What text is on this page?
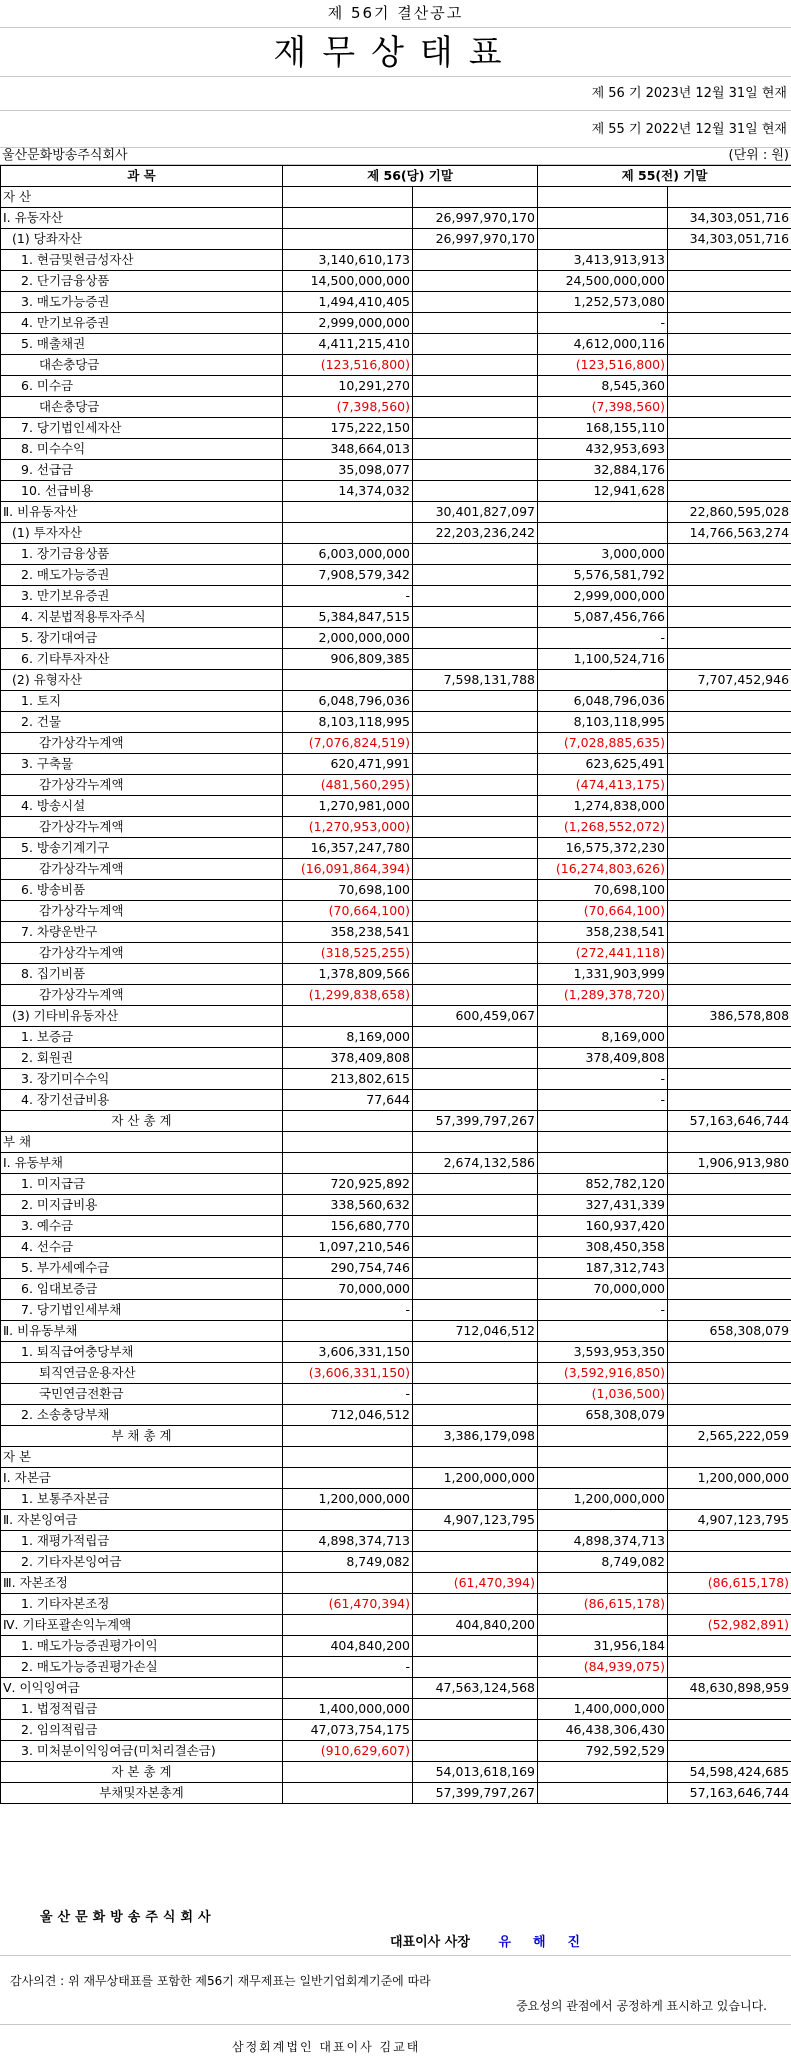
제 56기 결산공고
재무상태표
제 56 기 2023년 12월 31일 현재
제 55 기 2022년 12월 31일 현재
울산문화방송주식회사	(단위 : 원)
과 목	제 56(당) 기말		제 55(전) 기말	
자 산				
Ⅰ. 유동자산		26,997,970,170		34,303,051,716
(1) 당좌자산		26,997,970,170		34,303,051,716
1. 현금및현금성자산	3,140,610,173		3,413,913,913	
2. 단기금융상품	14,500,000,000		24,500,000,000	
3. 매도가능증권	1,494,410,405		1,252,573,080	
4. 만기보유증권	2,999,000,000		-	
5. 매출채권	4,411,215,410		4,612,000,116	
대손충당금	(123,516,800)		(123,516,800)	
6. 미수금	10,291,270		8,545,360	
대손충당금	(7,398,560)		(7,398,560)	
7. 당기법인세자산	175,222,150		168,155,110	
8. 미수수익	348,664,013		432,953,693	
9. 선급금	35,098,077		32,884,176	
10. 선급비용	14,374,032		12,941,628	
Ⅱ. 비유동자산		30,401,827,097		22,860,595,028
(1) 투자자산		22,203,236,242		14,766,563,274
1. 장기금융상품	6,003,000,000		3,000,000	
2. 매도가능증권	7,908,579,342		5,576,581,792	
3. 만기보유증권	-		2,999,000,000	
4. 지분법적용투자주식	5,384,847,515		5,087,456,766	
5. 장기대여금	2,000,000,000		-	
6. 기타투자자산	906,809,385		1,100,524,716	
(2) 유형자산		7,598,131,788		7,707,452,946
1. 토지	6,048,796,036		6,048,796,036	
2. 건물	8,103,118,995		8,103,118,995	
감가상각누계액	(7,076,824,519)		(7,028,885,635)	
3. 구축물	620,471,991		623,625,491	
감가상각누계액	(481,560,295)		(474,413,175)	
4. 방송시설	1,270,981,000		1,274,838,000	
감가상각누계액	(1,270,953,000)		(1,268,552,072)	
5. 방송기계기구	16,357,247,780		16,575,372,230	
감가상각누계액	(16,091,864,394)		(16,274,803,626)	
6. 방송비품	70,698,100		70,698,100	
감가상각누계액	(70,664,100)		(70,664,100)	
7. 차량운반구	358,238,541		358,238,541	
감가상각누계액	(318,525,255)		(272,441,118)	
8. 집기비품	1,378,809,566		1,331,903,999	
감가상각누계액	(1,299,838,658)		(1,289,378,720)	
(3) 기타비유동자산		600,459,067		386,578,808
1. 보증금	8,169,000		8,169,000	
2. 회원권	378,409,808		378,409,808	
3. 장기미수수익	213,802,615		-	
4. 장기선급비용	77,644		-	
자 산 총 계		57,399,797,267		57,163,646,744
부 채				
Ⅰ. 유동부채		2,674,132,586		1,906,913,980
1. 미지급금	720,925,892		852,782,120	
2. 미지급비용	338,560,632		327,431,339	
3. 예수금	156,680,770		160,937,420	
4. 선수금	1,097,210,546		308,450,358	
5. 부가세예수금	290,754,746		187,312,743	
6. 임대보증금	70,000,000		70,000,000	
7. 당기법인세부채	-		-	
Ⅱ. 비유동부채		712,046,512		658,308,079
1. 퇴직급여충당부채	3,606,331,150		3,593,953,350	
퇴직연금운용자산	(3,606,331,150)		(3,592,916,850)	
국민연금전환금	-		(1,036,500)	
2. 소송충당부채	712,046,512		658,308,079	
부 채 총 계		3,386,179,098		2,565,222,059
자 본				
Ⅰ. 자본금		1,200,000,000		1,200,000,000
1. 보통주자본금	1,200,000,000		1,200,000,000	
Ⅱ. 자본잉여금		4,907,123,795		4,907,123,795
1. 재평가적립금	4,898,374,713		4,898,374,713	
2. 기타자본잉여금	8,749,082		8,749,082	
Ⅲ. 자본조정		(61,470,394)		(86,615,178)
1. 기타자본조정	(61,470,394)		(86,615,178)	
Ⅳ. 기타포괄손익누계액		404,840,200		(52,982,891)
1. 매도가능증권평가이익	404,840,200		31,956,184	
2. 매도가능증권평가손실	-		(84,939,075)	
Ⅴ. 이익잉여금		47,563,124,568		48,630,898,959
1. 법정적립금	1,400,000,000		1,400,000,000	
2. 임의적립금	47,073,754,175		46,438,306,430	
3. 미처분이익잉여금(미처리결손금)	(910,629,607)		792,592,529	
자 본 총 계		54,013,618,169		54,598,424,685
부채및자본총계		57,399,797,267		57,163,646,744
울산문화방송주식회사
대표이사 사장 유해진
감사의견 : 위 재무상태표를 포함한 제56기 재무제표는 일반기업회계기준에 따라
중요성의 관점에서 공정하게 표시하고 있습니다.
삼정회계법인 대표이사 김교태
